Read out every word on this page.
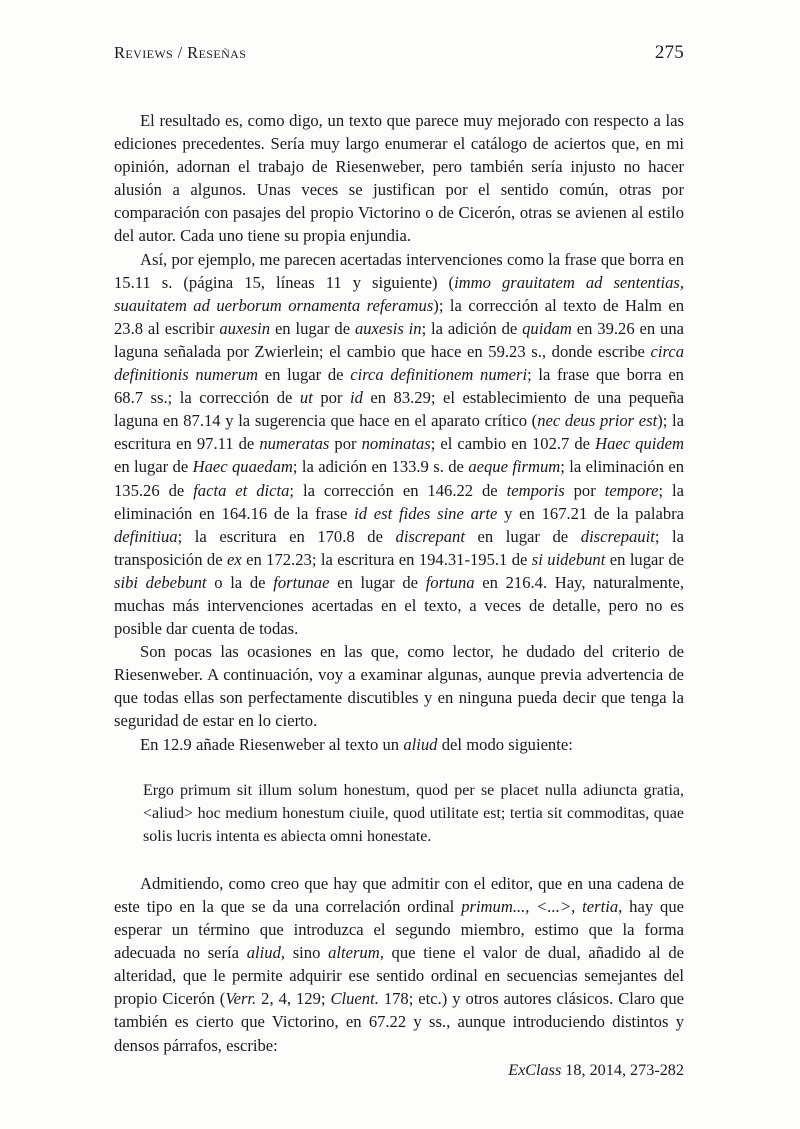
Reviews / Reseñas	275

El resultado es, como digo, un texto que parece muy mejorado con respecto a las ediciones precedentes. Sería muy largo enumerar el catálogo de aciertos que, en mi opinión, adornan el trabajo de Riesenweber, pero también sería injusto no hacer alusión a algunos. Unas veces se justifican por el sentido común, otras por comparación con pasajes del propio Victorino o de Cicerón, otras se avienen al estilo del autor. Cada uno tiene su propia enjundia.

Así, por ejemplo, me parecen acertadas intervenciones como la frase que borra en 15.11 s. (página 15, líneas 11 y siguiente) (immo grauitatem ad sententias, suauitatem ad uerborum ornamenta referamus); la corrección al texto de Halm en 23.8 al escribir auxesin en lugar de auxesis in; la adición de quidam en 39.26 en una laguna señalada por Zwierlein; el cambio que hace en 59.23 s., donde escribe circa definitionis numerum en lugar de circa definitionem numeri; la frase que borra en 68.7 ss.; la corrección de ut por id en 83.29; el establecimiento de una pequeña laguna en 87.14 y la sugerencia que hace en el aparato crítico (nec deus prior est); la escritura en 97.11 de numeratas por nominatas; el cambio en 102.7 de Haec quidem en lugar de Haec quaedam; la adición en 133.9 s. de aeque firmum; la eliminación en 135.26 de facta et dicta; la corrección en 146.22 de temporis por tempore; la eliminación en 164.16 de la frase id est fides sine arte y en 167.21 de la palabra definitiua; la escritura en 170.8 de discrepant en lugar de discrepauit; la transposición de ex en 172.23; la escritura en 194.31-195.1 de si uidebunt en lugar de sibi debebunt o la de fortunae en lugar de fortuna en 216.4. Hay, naturalmente, muchas más intervenciones acertadas en el texto, a veces de detalle, pero no es posible dar cuenta de todas.

Son pocas las ocasiones en las que, como lector, he dudado del criterio de Riesenweber. A continuación, voy a examinar algunas, aunque previa advertencia de que todas ellas son perfectamente discutibles y en ninguna pueda decir que tenga la seguridad de estar en lo cierto.

En 12.9 añade Riesenweber al texto un aliud del modo siguiente:

Ergo primum sit illum solum honestum, quod per se placet nulla adiuncta gratia, <aliud> hoc medium honestum ciuile, quod utilitate est; tertia sit commoditas, quae solis lucris intenta es abiecta omni honestate.

Admitiendo, como creo que hay que admitir con el editor, que en una cadena de este tipo en la que se da una correlación ordinal primum..., <...>, tertia, hay que esperar un término que introduzca el segundo miembro, estimo que la forma adecuada no sería aliud, sino alterum, que tiene el valor de dual, añadido al de alteridad, que le permite adquirir ese sentido ordinal en secuencias semejantes del propio Cicerón (Verr. 2, 4, 129; Cluent. 178; etc.) y otros autores clásicos. Claro que también es cierto que Victorino, en 67.22 y ss., aunque introduciendo distintos y densos párrafos, escribe:

ExClass 18, 2014, 273-282
